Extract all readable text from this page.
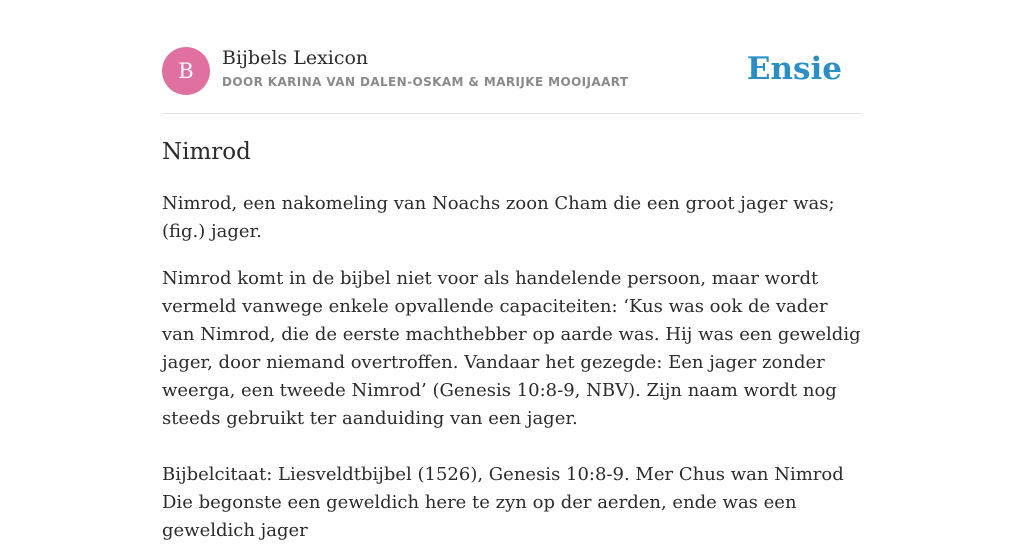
B
Bijbels Lexicon
DOOR KARINA VAN DALEN-OSKAM & MARIJKE MOOIJAART	Ensie
Nimrod

Nimrod, een nakomeling van Noachs zoon Cham die een groot jager was; (fig.) jager.

Nimrod komt in de bijbel niet voor als handelende persoon, maar wordt vermeld vanwege enkele opvallende capaciteiten: ‘Kus was ook de vader van Nimrod, die de eerste machthebber op aarde was. Hij was een geweldig jager, door niemand overtroffen. Vandaar het gezegde: Een jager zonder weerga, een tweede Nimrod’ (Genesis 10:8-9, NBV). Zijn naam wordt nog steeds gebruikt ter aanduiding van een jager.

Bijbelcitaat: Liesveldtbijbel (1526), Genesis 10:8-9. Mer Chus wan Nimrod Die begonste een geweldich here te zyn op der aerden, ende was een geweldich jager
